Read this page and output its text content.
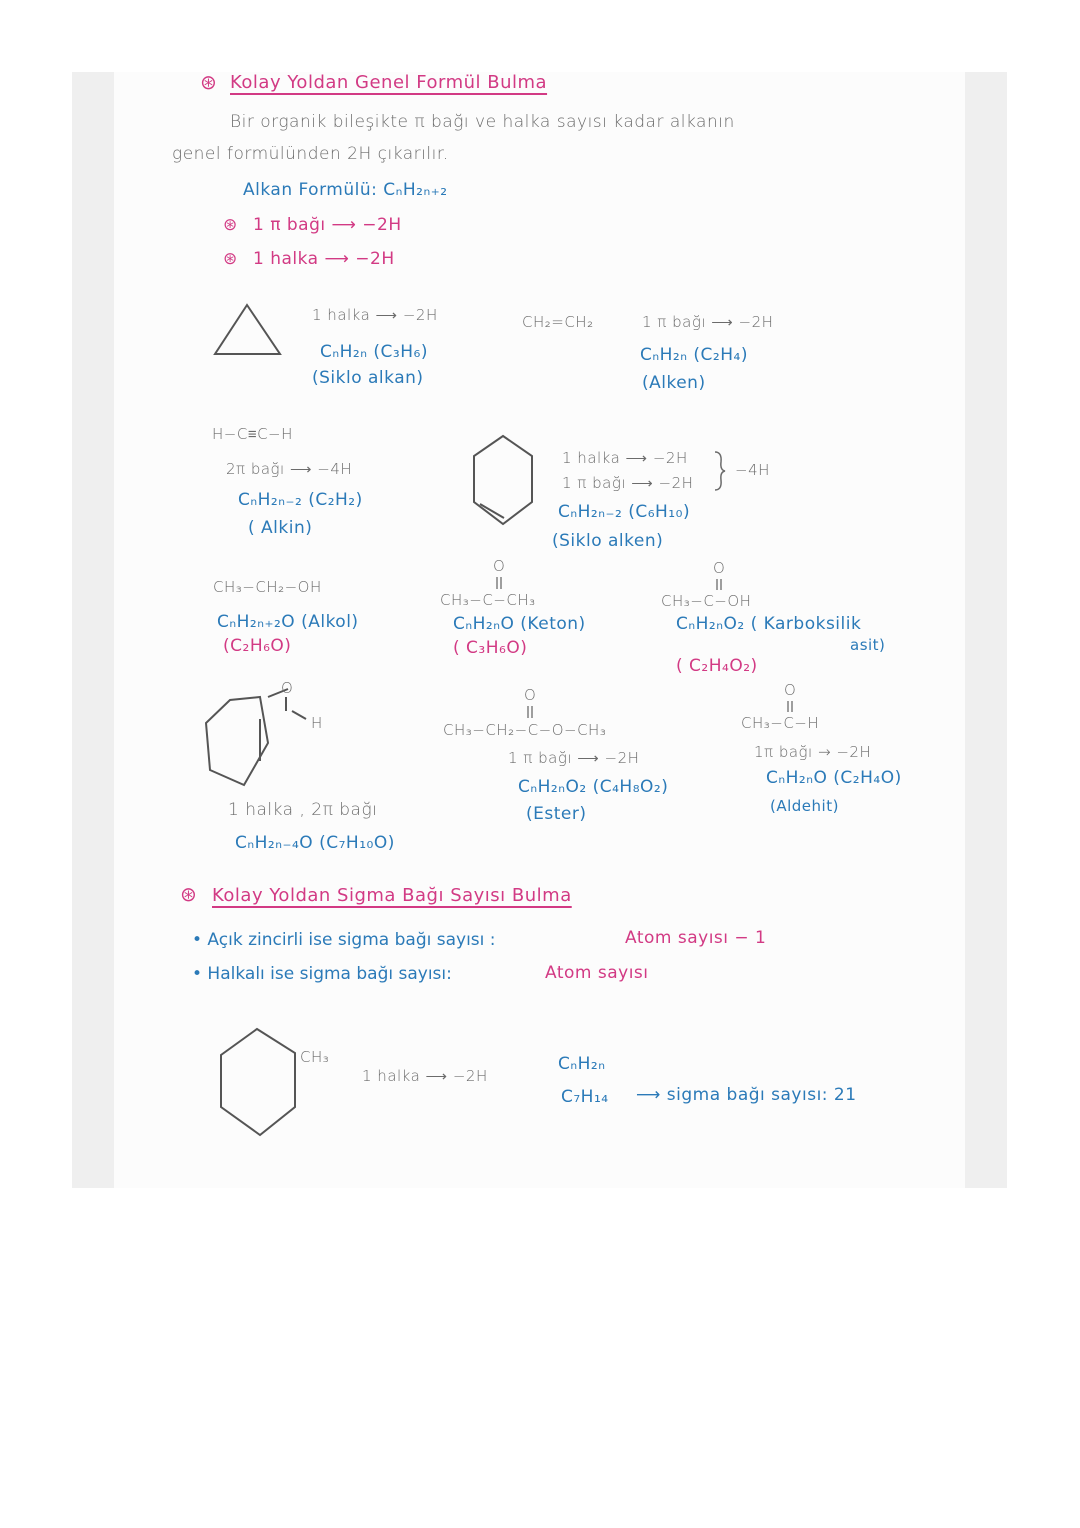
⊛ Kolay Yoldan Genel Formül Bulma
Bir organik bileşikte π bağı ve halka sayısı kadar alkanın
genel formülünden 2H çıkarılır.
Alkan Formülü: CₙH₂ₙ₊₂
⊛ 1 π bağı ⟶ −2H
⊛ 1 halka ⟶ −2H
1 halka ⟶ −2H
CₙH₂ₙ (C₃H₆)
(Siklo alkan)
CH₂=CH₂	1 π bağı ⟶ −2H
CₙH₂ₙ (C₂H₄)
(Alken)
H−C≡C−H
2π bağı ⟶ −4H
CₙH₂ₙ₋₂ (C₂H₂)
( Alkin)
1 halka ⟶ −2H
1 π bağı ⟶ −2H
−4H
CₙH₂ₙ₋₂ (C₆H₁₀)
(Siklo alken)
CH₃−CH₂−OH
CₙH₂ₙ₊₂O (Alkol)
(C₂H₆O)
O
CH₃−C−CH₃
CₙH₂ₙO (Keton)
( C₃H₆O)
O
CH₃−C−OH
CₙH₂ₙO₂ ( Karboksilik
asit)
( C₂H₄O₂)
O
H
1 halka , 2π bağı
CₙH₂ₙ₋₄O (C₇H₁₀O)
O
CH₃−CH₂−C−O−CH₃
1 π bağı ⟶ −2H
CₙH₂ₙO₂ (C₄H₈O₂)
(Ester)
O
CH₃−C−H
1π bağı → −2H
CₙH₂ₙO (C₂H₄O)
(Aldehit)
⊛ Kolay Yoldan Sigma Bağı Sayısı Bulma
• Açık zincirli ise sigma bağı sayısı :	Atom sayısı − 1
• Halkalı ise sigma bağı sayısı:	Atom sayısı
CH₃
1 halka ⟶ −2H
CₙH₂ₙ
C₇H₁₄ ⟶ sigma bağı sayısı: 21
